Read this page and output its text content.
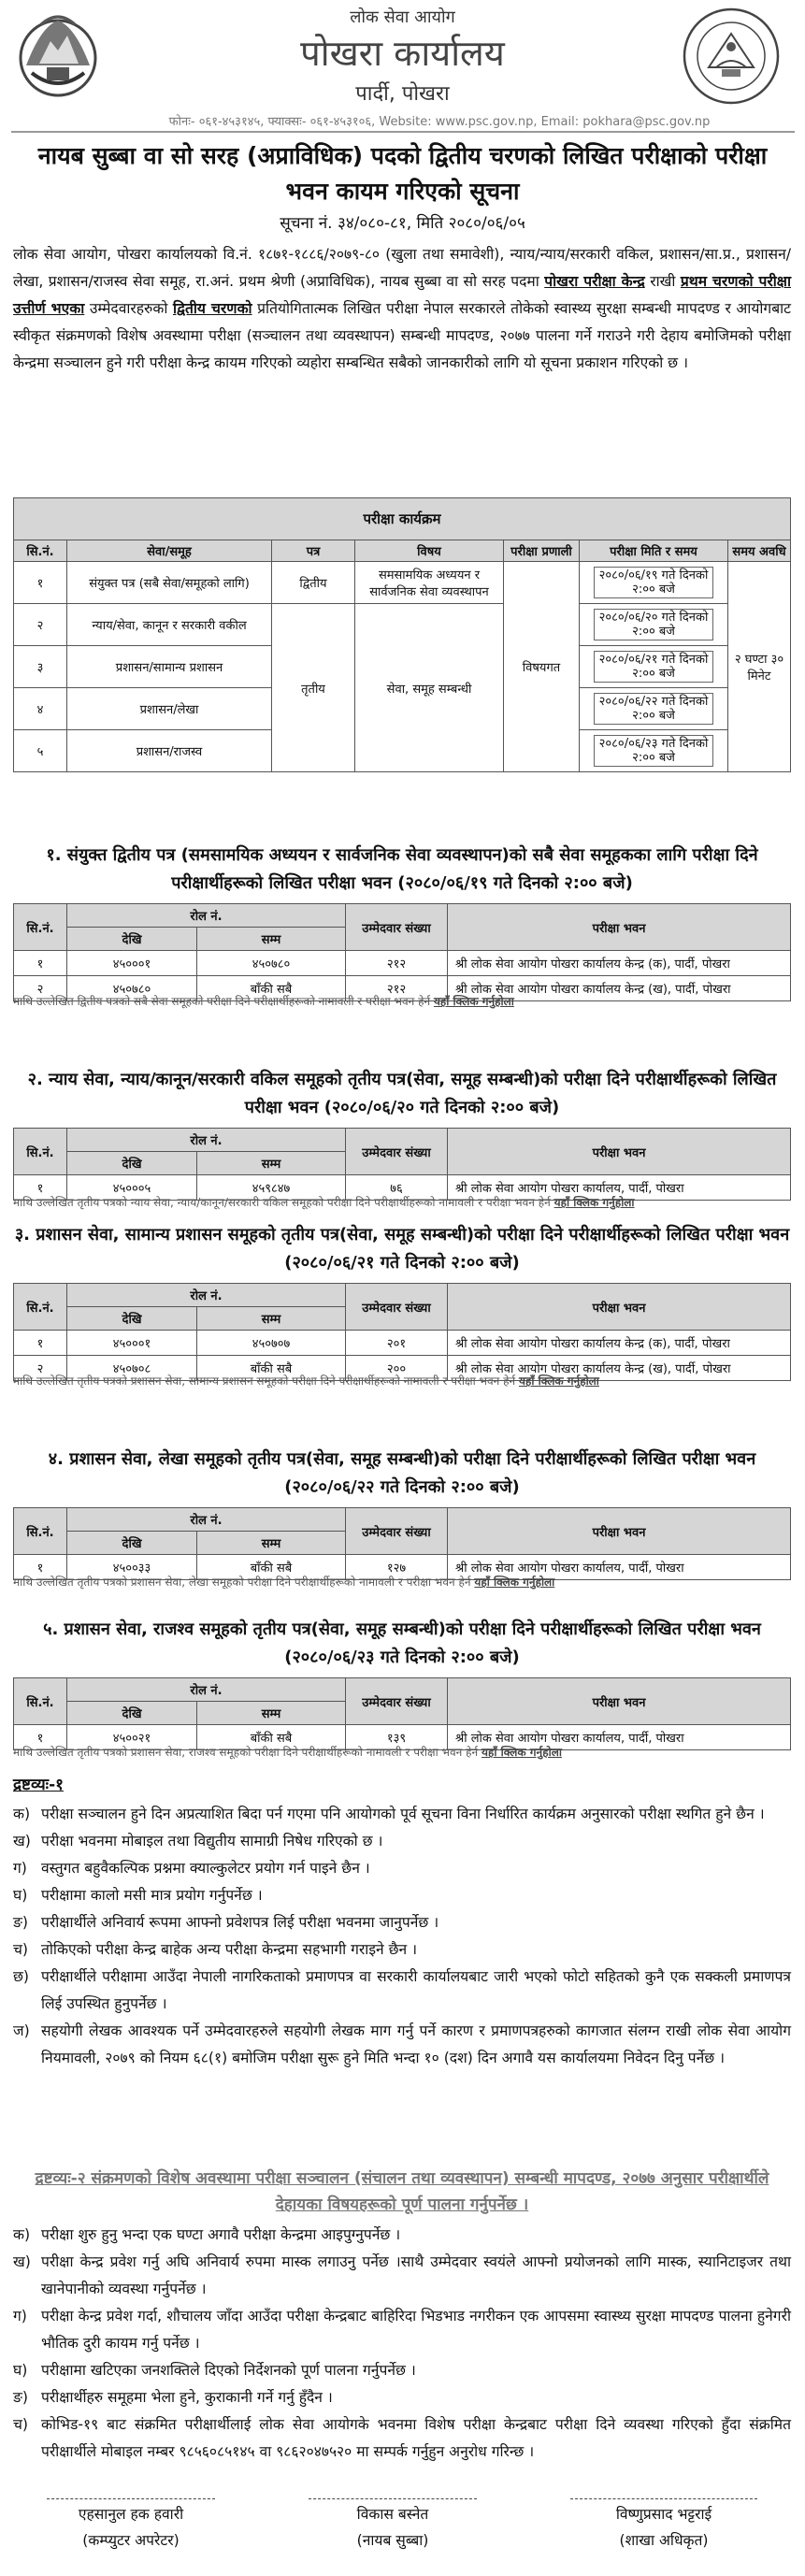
लोक सेवा आयोग
पोखरा कार्यालय
पार्दी, पोखरा
फोनः- ०६१-४५३१४५, फ्याक्सः- ०६१-४५३१०६, Website: www.psc.gov.np, Email: pokhara@psc.gov.np
नायब सुब्बा वा सो सरह (अप्राविधिक) पदको द्वितीय चरणको लिखित परीक्षाको परीक्षा भवन कायम गरिएको सूचना
सूचना नं. ३४/०८०-८१, मिति २०८०/०६/०५
लोक सेवा आयोग, पोखरा कार्यालयको वि.नं. १८७१-१८८६/२०७९-८० (खुला तथा समावेशी), न्याय/न्याय/सरकारी वकिल, प्रशासन/सा.प्र., प्रशासन/लेखा, प्रशासन/राजस्व सेवा समूह, रा.अनं. प्रथम श्रेणी (अप्राविधिक), नायब सुब्बा वा सो सरह पदमा पोखरा परीक्षा केन्द्र राखी प्रथम चरणको परीक्षा उत्तीर्ण भएका उम्मेदवारहरुको द्वितीय चरणको प्रतियोगितात्मक लिखित परीक्षा नेपाल सरकारले तोकेको स्वास्थ्य सुरक्षा सम्बन्धी मापदण्ड र आयोगबाट स्वीकृत संक्रमणको विशेष अवस्थामा परीक्षा (सञ्चालन तथा व्यवस्थापन) सम्बन्धी मापदण्ड, २०७७ पालना गर्ने गराउने गरी देहाय बमोजिमको परीक्षा केन्द्रमा सञ्चालन हुने गरी परीक्षा केन्द्र कायम गरिएको व्यहोरा सम्बन्धित सबैको जानकारीको लागि यो सूचना प्रकाशन गरिएको छ ।
परीक्षा कार्यक्रम						
सि.नं.	सेवा/समूह	पत्र	विषय	परीक्षा प्रणाली	परीक्षा मिति र समय	समय अवधि
१	संयुक्त पत्र (सबै सेवा/समूहको लागि)	द्वितीय	समसामयिक अध्ययन र सार्वजनिक सेवा व्यवस्थापन	विषयगत	२०८०/०६/१९ गते दिनको २:०० बजे	२ घण्टा ३० मिनेट
२	न्याय/सेवा, कानून र सरकारी वकील	तृतीय	सेवा, समूह सम्बन्धी		२०८०/०६/२० गते दिनको २:०० बजे	
३	प्रशासन/सामान्य प्रशासन				२०८०/०६/२१ गते दिनको २:०० बजे	
४	प्रशासन/लेखा				२०८०/०६/२२ गते दिनको २:०० बजे	
५	प्रशासन/राजस्व				२०८०/०६/२३ गते दिनको २:०० बजे	
१. संयुक्त द्वितीय पत्र (समसामयिक अध्ययन र सार्वजनिक सेवा व्यवस्थापन)को सबै सेवा समूहकका लागि परीक्षा दिने परीक्षार्थीहरूको लिखित परीक्षा भवन (२०८०/०६/१९ गते दिनको २:०० बजे)
सि.नं.	रोल नं.		उम्मेदवार संख्या	परीक्षा भवन
	देखि	सम्म		
१	४५०००१	४५०७८०	२१२	श्री लोक सेवा आयोग पोखरा कार्यालय केन्द्र (क), पार्दी, पोखरा
२	४५०७८०	बाँकी सबै	२१२	श्री लोक सेवा आयोग पोखरा कार्यालय केन्द्र (ख), पार्दी, पोखरा
माथि उल्लेखित द्वितीय पत्रको सबै सेवा समूहको परीक्षा दिने परीक्षार्थीहरूको नामावली र परीक्षा भवन हेर्न यहाँ क्लिक गर्नुहोला
२. न्याय सेवा, न्याय/कानून/सरकारी वकिल समूहको तृतीय पत्र(सेवा, समूह सम्बन्धी)को परीक्षा दिने परीक्षार्थीहरूको लिखित परीक्षा भवन (२०८०/०६/२० गते दिनको २:०० बजे)
सि.नं.	रोल नं.		उम्मेदवार संख्या	परीक्षा भवन
	देखि	सम्म		
१	४५०००५	४५९८४७	७६	श्री लोक सेवा आयोग पोखरा कार्यालय, पार्दी, पोखरा
माथि उल्लेखित तृतीय पत्रको न्याय सेवा, न्याय/कानून/सरकारी वकिल समूहको परीक्षा दिने परीक्षार्थीहरूको नामावली र परीक्षा भवन हेर्न यहाँ क्लिक गर्नुहोला
३. प्रशासन सेवा, सामान्य प्रशासन समूहको तृतीय पत्र(सेवा, समूह सम्बन्धी)को परीक्षा दिने परीक्षार्थीहरूको लिखित परीक्षा भवन (२०८०/०६/२१ गते दिनको २:०० बजे)
सि.नं.	रोल नं.		उम्मेदवार संख्या	परीक्षा भवन
	देखि	सम्म		
१	४५०००१	४५०७०७	२०१	श्री लोक सेवा आयोग पोखरा कार्यालय केन्द्र (क), पार्दी, पोखरा
२	४५०७०८	बाँकी सबै	२००	श्री लोक सेवा आयोग पोखरा कार्यालय केन्द्र (ख), पार्दी, पोखरा
माथि उल्लेखित तृतीय पत्रको प्रशासन सेवा, सामान्य प्रशासन समूहको परीक्षा दिने परीक्षार्थीहरूको नामावली र परीक्षा भवन हेर्न यहाँ क्लिक गर्नुहोला
४. प्रशासन सेवा, लेखा समूहको तृतीय पत्र(सेवा, समूह सम्बन्धी)को परीक्षा दिने परीक्षार्थीहरूको लिखित परीक्षा भवन (२०८०/०६/२२ गते दिनको २:०० बजे)
सि.नं.	रोल नं.		उम्मेदवार संख्या	परीक्षा भवन
	देखि	सम्म		
१	४५००३३	बाँकी सबै	१२७	श्री लोक सेवा आयोग पोखरा कार्यालय, पार्दी, पोखरा
माथि उल्लेखित तृतीय पत्रको प्रशासन सेवा, लेखा समूहको परीक्षा दिने परीक्षार्थीहरूको नामावली र परीक्षा भवन हेर्न यहाँ क्लिक गर्नुहोला
५. प्रशासन सेवा, राजश्व समूहको तृतीय पत्र(सेवा, समूह सम्बन्धी)को परीक्षा दिने परीक्षार्थीहरूको लिखित परीक्षा भवन (२०८०/०६/२३ गते दिनको २:०० बजे)
सि.नं.	रोल नं.		उम्मेदवार संख्या	परीक्षा भवन
	देखि	सम्म		
१	४५००२१	बाँकी सबै	१३९	श्री लोक सेवा आयोग पोखरा कार्यालय, पार्दी, पोखरा
माथि उल्लेखित तृतीय पत्रको प्रशासन सेवा, राजश्व समूहको परीक्षा दिने परीक्षार्थीहरूको नामावली र परीक्षा भवन हेर्न यहाँ क्लिक गर्नुहोला
द्रष्टव्यः-१
क) परीक्षा सञ्चालन हुने दिन अप्रत्याशित बिदा पर्न गएमा पनि आयोगको पूर्व सूचना विना निर्धारित कार्यक्रम अनुसारको परीक्षा स्थगित हुने छैन ।
ख) परीक्षा भवनमा मोबाइल तथा विद्युतीय सामाग्री निषेध गरिएको छ ।
ग) वस्तुगत बहुवैकल्पिक प्रश्नमा क्याल्कुलेटर प्रयोग गर्न पाइने छैन ।
घ) परीक्षामा कालो मसी मात्र प्रयोग गर्नुपर्नेछ ।
ङ) परीक्षार्थीले अनिवार्य रूपमा आफ्नो प्रवेशपत्र लिई परीक्षा भवनमा जानुपर्नेछ ।
च) तोकिएको परीक्षा केन्द्र बाहेक अन्य परीक्षा केन्द्रमा सहभागी गराइने छैन ।
छ) परीक्षार्थीले परीक्षामा आउँदा नेपाली नागरिकताको प्रमाणपत्र वा सरकारी कार्यालयबाट जारी भएको फोटो सहितको कुनै एक सक्कली प्रमाणपत्र लिई उपस्थित हुनुपर्नेछ ।
ज) सहयोगी लेखक आवश्यक पर्ने उम्मेदवारहरुले सहयोगी लेखक माग गर्नु पर्ने कारण र प्रमाणपत्रहरुको कागजात संलग्न राखी लोक सेवा आयोग नियमावली, २०७९ को नियम ६८(१) बमोजिम परीक्षा सुरू हुने मिति भन्दा १० (दश) दिन अगावै यस कार्यालयमा निवेदन दिनु पर्नेछ ।
द्रष्टव्यः-२ संक्रमणको विशेष अवस्थामा परीक्षा सञ्चालन (संचालन तथा व्यवस्थापन) सम्बन्धी मापदण्ड, २०७७ अनुसार परीक्षार्थीले देहायका विषयहरूको पूर्ण पालना गर्नुपर्नेछ ।
क) परीक्षा शुरु हुनु भन्दा एक घण्टा अगावै परीक्षा केन्द्रमा आइपुग्नुपर्नेछ ।
ख) परीक्षा केन्द्र प्रवेश गर्नु अघि अनिवार्य रुपमा मास्क लगाउनु पर्नेछ ।साथै उम्मेदवार स्वयंले आफ्नो प्रयोजनको लागि मास्क, स्यानिटाइजर तथा खानेपानीको व्यवस्था गर्नुपर्नेछ ।
ग) परीक्षा केन्द्र प्रवेश गर्दा, शौचालय जाँदा आउँदा परीक्षा केन्द्रबाट बाहिरिदा भिडभाड नगरीकन एक आपसमा स्वास्थ्य सुरक्षा मापदण्ड पालना हुनेगरी भौतिक दुरी कायम गर्नु पर्नेछ ।
घ) परीक्षामा खटिएका जनशक्तिले दिएको निर्देशनको पूर्ण पालना गर्नुपर्नेछ ।
ङ) परीक्षार्थीहरु समूहमा भेला हुने, कुराकानी गर्ने गर्नु हुँदैन ।
च) कोभिड-१९ बाट संक्रमित परीक्षार्थीलाई लोक सेवा आयोगके भवनमा विशेष परीक्षा केन्द्रबाट परीक्षा दिने व्यवस्था गरिएको हुँदा संक्रमित परीक्षार्थीले मोबाइल नम्बर ९८५६०८५१४५ वा ९८६२०४७५२० मा सम्पर्क गर्नुहुन अनुरोध गरिन्छ ।
एहसानुल हक हवारी
(कम्प्युटर अपरेटर)
विकास बस्नेत
(नायब सुब्बा)
विष्णुप्रसाद भट्टराई
(शाखा अधिकृत)
